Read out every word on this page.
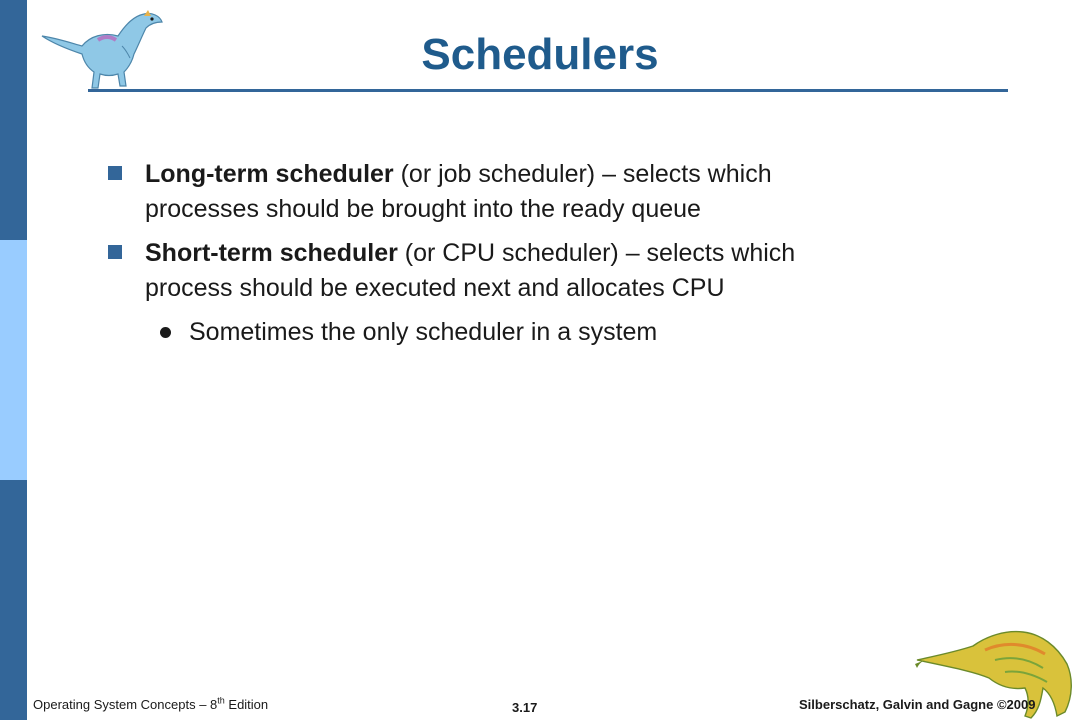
Schedulers
Long-term scheduler (or job scheduler) – selects which
processes should be brought into the ready queue
Short-term scheduler (or CPU scheduler) – selects which
process should be executed next and allocates CPU
Sometimes the only scheduler in a system
Operating System Concepts – 8th Edition	3.17	Silberschatz, Galvin and Gagne ©2009
